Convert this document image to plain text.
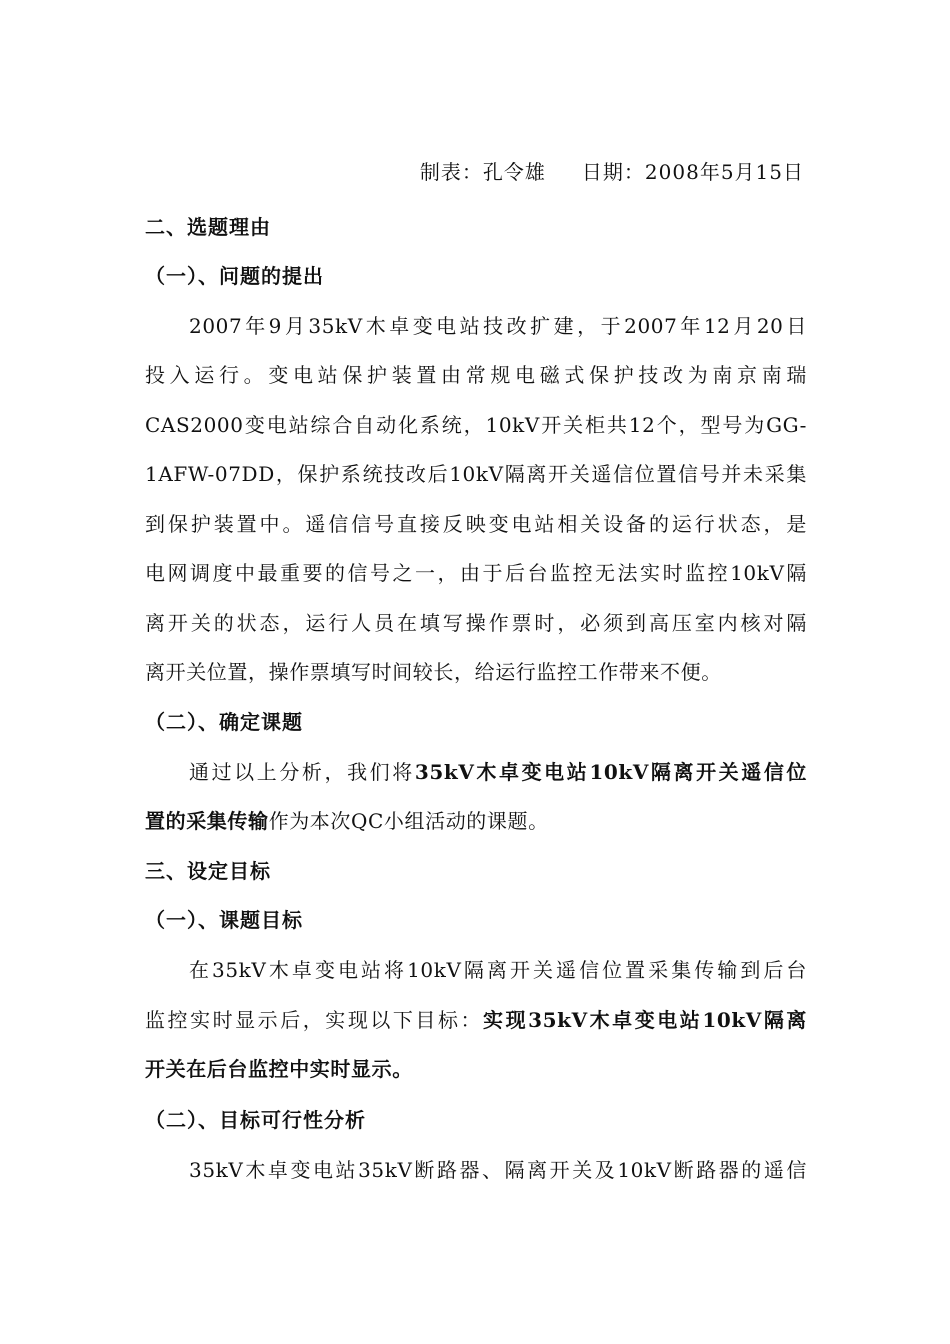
制表：孔令雄 日期：2008年5月15日
二、选题理由
（一）、问题的提出
2007年9月35kV木卓变电站技改扩建，于2007年12月20日
投入运行。变电站保护装置由常规电磁式保护技改为南京南瑞
CAS2000变电站综合自动化系统，10kV开关柜共12个，型号为GG-
1AFW-07DD，保护系统技改后10kV隔离开关遥信位置信号并未采集
到保护装置中。遥信信号直接反映变电站相关设备的运行状态，是
电网调度中最重要的信号之一，由于后台监控无法实时监控10kV隔
离开关的状态，运行人员在填写操作票时，必须到高压室内核对隔
离开关位置，操作票填写时间较长，给运行监控工作带来不便。
（二）、确定课题
通过以上分析，我们将35kV木卓变电站10kV隔离开关遥信位
置的采集传输作为本次QC小组活动的课题。
三、设定目标
（一）、课题目标
在35kV木卓变电站将10kV隔离开关遥信位置采集传输到后台
监控实时显示后，实现以下目标：实现35kV木卓变电站10kV隔离
开关在后台监控中实时显示。
（二）、目标可行性分析
35kV木卓变电站35kV断路器、隔离开关及10kV断路器的遥信
